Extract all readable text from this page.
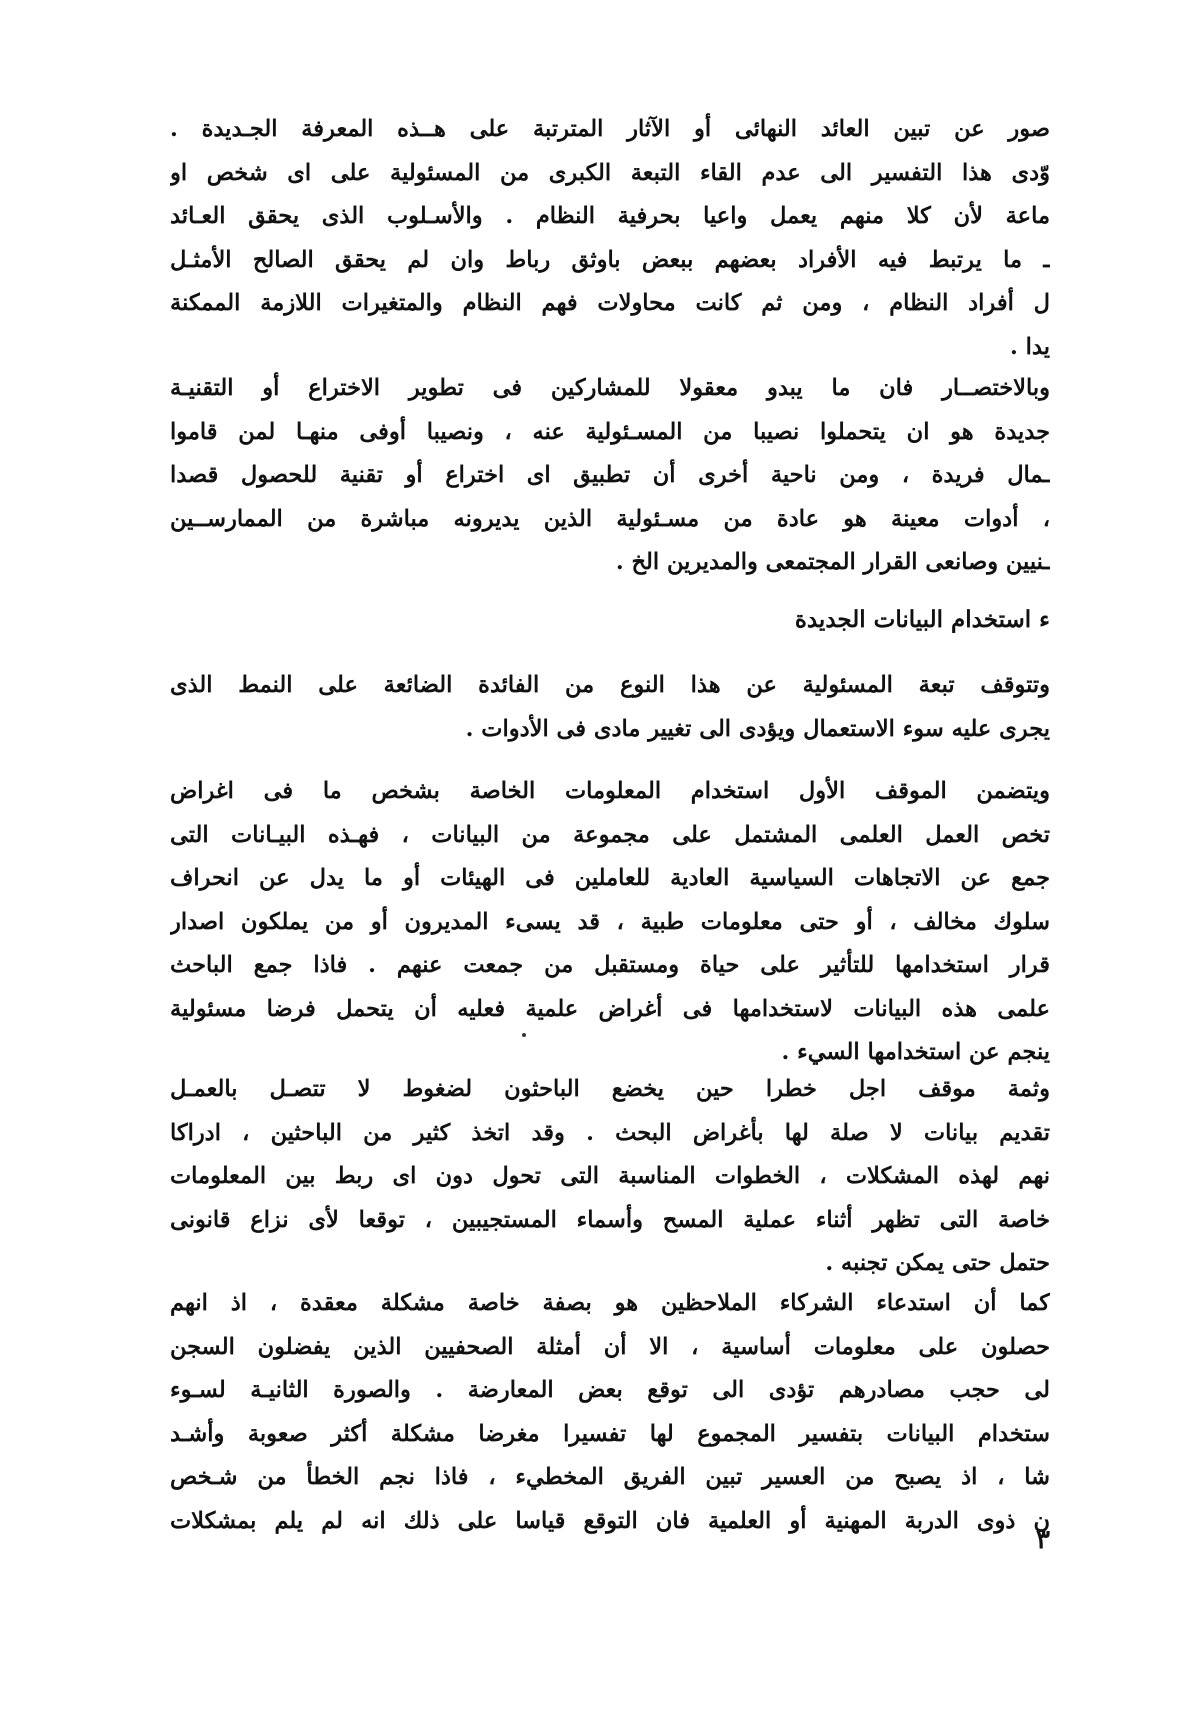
صور عن تبين العائد النهائى أو الآثار المترتبة على هــذه المعرفة الجـديدة .
وّدى هذا التفسير الى عدم القاء التبعة الكبرى من المسئولية على اى شخص او
ماعة لأن كلا منهم يعمل واعيا بحرفية النظام . والأسـلوب الذى يحقق العـائد
ـ ما يرتبط فيه الأفراد بعضهم ببعض باوثق رباط وان لم يحقق الصالح الأمثـل
ل أفراد النظام ، ومن ثم كانت محاولات فهم النظام والمتغيرات اللازمة الممكنة
يدا .
وبالاختصــار فان ما يبدو معقولا للمشاركين فى تطوير الاختراع أو التقنيـة
جديدة هو ان يتحملوا نصيبا من المسـئولية عنه ، ونصيبا أوفى منهـا لمن قاموا
ـمال فريدة ، ومن ناحية أخرى أن تطبيق اى اختراع أو تقنية للحصول قصدا
، أدوات معينة هو عادة من مسـئولية الذين يديرونه مباشرة من الممارســين
ـنيين وصانعى القرار المجتمعى والمديرين الخ .
ء استخدام البيانات الجديدة
وتتوقف تبعة المسئولية عن هذا النوع من الفائدة الضائعة على النمط الذى
يجرى عليه سوء الاستعمال ويؤدى الى تغيير مادى فى الأدوات .
ويتضمن الموقف الأول استخدام المعلومات الخاصة بشخص ما فى اغراض
تخص العمل العلمى المشتمل على مجموعة من البيانات ، فهـذه البيـانات التى
جمع عن الاتجاهات السياسية العادية للعاملين فى الهيئات أو ما يدل عن انحراف
سلوك مخالف ، أو حتى معلومات طبية ، قد يسىء المديرون أو من يملكون اصدار
قرار استخدامها للتأثير على حياة ومستقبل من جمعت عنهم . فاذا جمع الباحث
علمى هذه البيانات لاستخدامها فى أغراض علمية فعليه أن يتحمل فرضا مسئولية
ينجم عن استخدامها السيء .
وثمة موقف اجل خطرا حين يخضع الباحثون لضغوط لا تتصـل بالعمـل
تقديم بيانات لا صلة لها بأغراض البحث . وقد اتخذ كثير من الباحثين ، ادراكا
نهم لهذه المشكلات ، الخطوات المناسبة التى تحول دون اى ربط بين المعلومات
خاصة التى تظهر أثناء عملية المسح وأسماء المستجيبين ، توقعا لأى نزاع قانونى
حتمل حتى يمكن تجنبه .
كما أن استدعاء الشركاء الملاحظين هو بصفة خاصة مشكلة معقدة ، اذ انهم
حصلون على معلومات أساسية ، الا أن أمثلة الصحفيين الذين يفضلون السجن
لى حجب مصادرهم تؤدى الى توقع بعض المعارضة . والصورة الثانيـة لسـوء
ستخدام البيانات بتفسير المجموع لها تفسيرا مغرضا مشكلة أكثر صعوبة وأشـد
شا ، اذ يصبح من العسير تبين الفريق المخطيء ، فاذا نجم الخطأ من شـخص
ن ذوى الدربة المهنية أو العلمية فان التوقع قياسا على ذلك انه لم يلم بمشكلات
٣
